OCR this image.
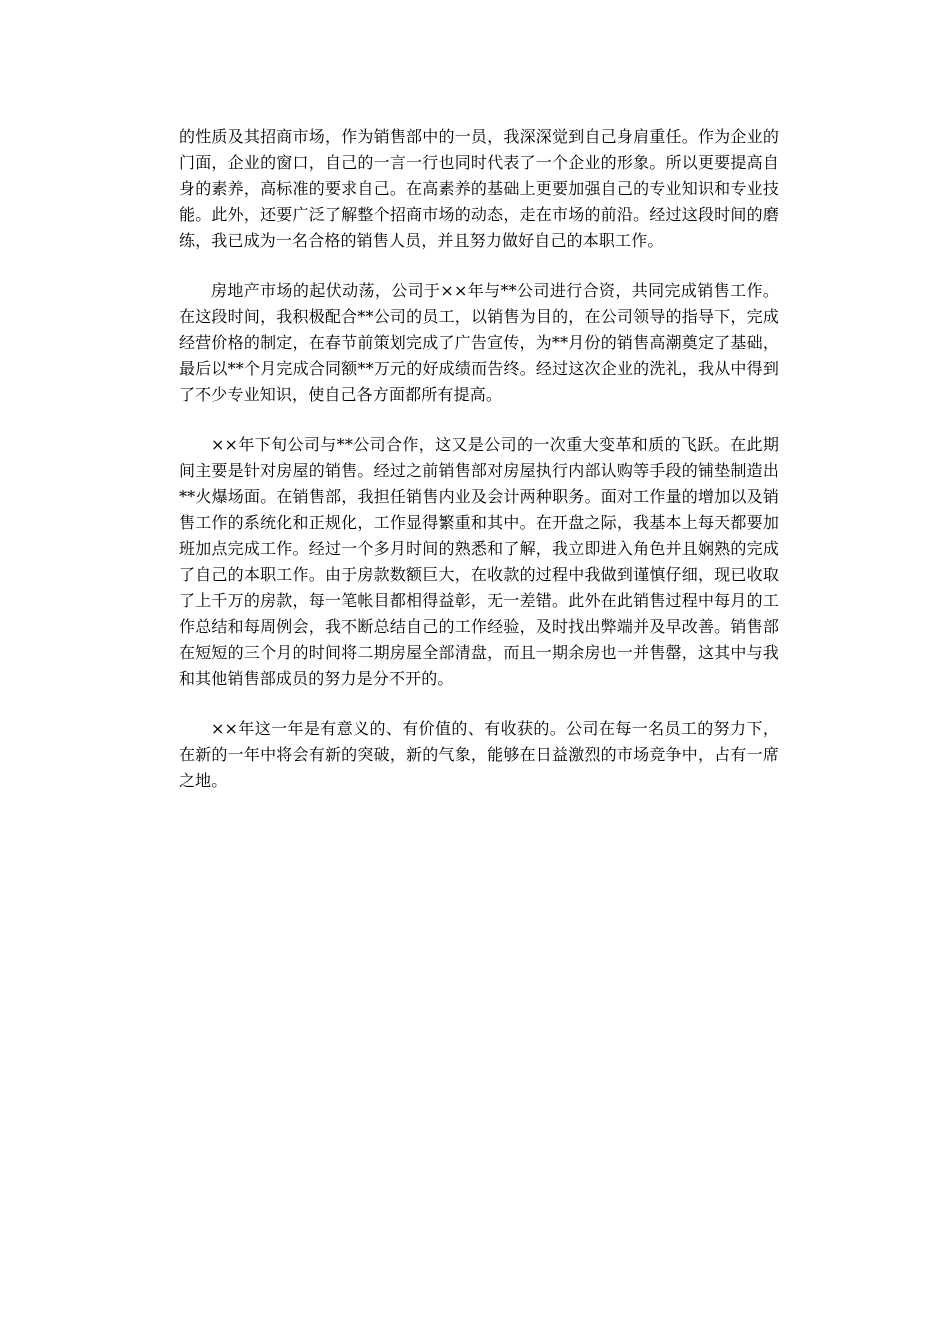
的性质及其招商市场，作为销售部中的一员，我深深觉到自己身肩重任。作为企业的门面，企业的窗口，自己的一言一行也同时代表了一个企业的形象。所以更要提高自身的素养，高标准的要求自己。在高素养的基础上更要加强自己的专业知识和专业技能。此外，还要广泛了解整个招商市场的动态，走在市场的前沿。经过这段时间的磨练，我已成为一名合格的销售人员，并且努力做好自己的本职工作。

房地产市场的起伏动荡，公司于××年与**公司进行合资，共同完成销售工作。在这段时间，我积极配合**公司的员工，以销售为目的，在公司领导的指导下，完成经营价格的制定，在春节前策划完成了广告宣传，为**月份的销售高潮奠定了基础，最后以**个月完成合同额**万元的好成绩而告终。经过这次企业的洗礼，我从中得到了不少专业知识，使自己各方面都所有提高。

××年下旬公司与**公司合作，这又是公司的一次重大变革和质的飞跃。在此期间主要是针对房屋的销售。经过之前销售部对房屋执行内部认购等手段的铺垫制造出**火爆场面。在销售部，我担任销售内业及会计两种职务。面对工作量的增加以及销售工作的系统化和正规化，工作显得繁重和其中。在开盘之际，我基本上每天都要加班加点完成工作。经过一个多月时间的熟悉和了解，我立即进入角色并且娴熟的完成了自己的本职工作。由于房款数额巨大，在收款的过程中我做到谨慎仔细，现已收取了上千万的房款，每一笔帐目都相得益彰，无一差错。此外在此销售过程中每月的工作总结和每周例会，我不断总结自己的工作经验，及时找出弊端并及早改善。销售部在短短的三个月的时间将二期房屋全部清盘，而且一期余房也一并售罄，这其中与我和其他销售部成员的努力是分不开的。

××年这一年是有意义的、有价值的、有收获的。公司在每一名员工的努力下，在新的一年中将会有新的突破，新的气象，能够在日益激烈的市场竞争中，占有一席之地。
